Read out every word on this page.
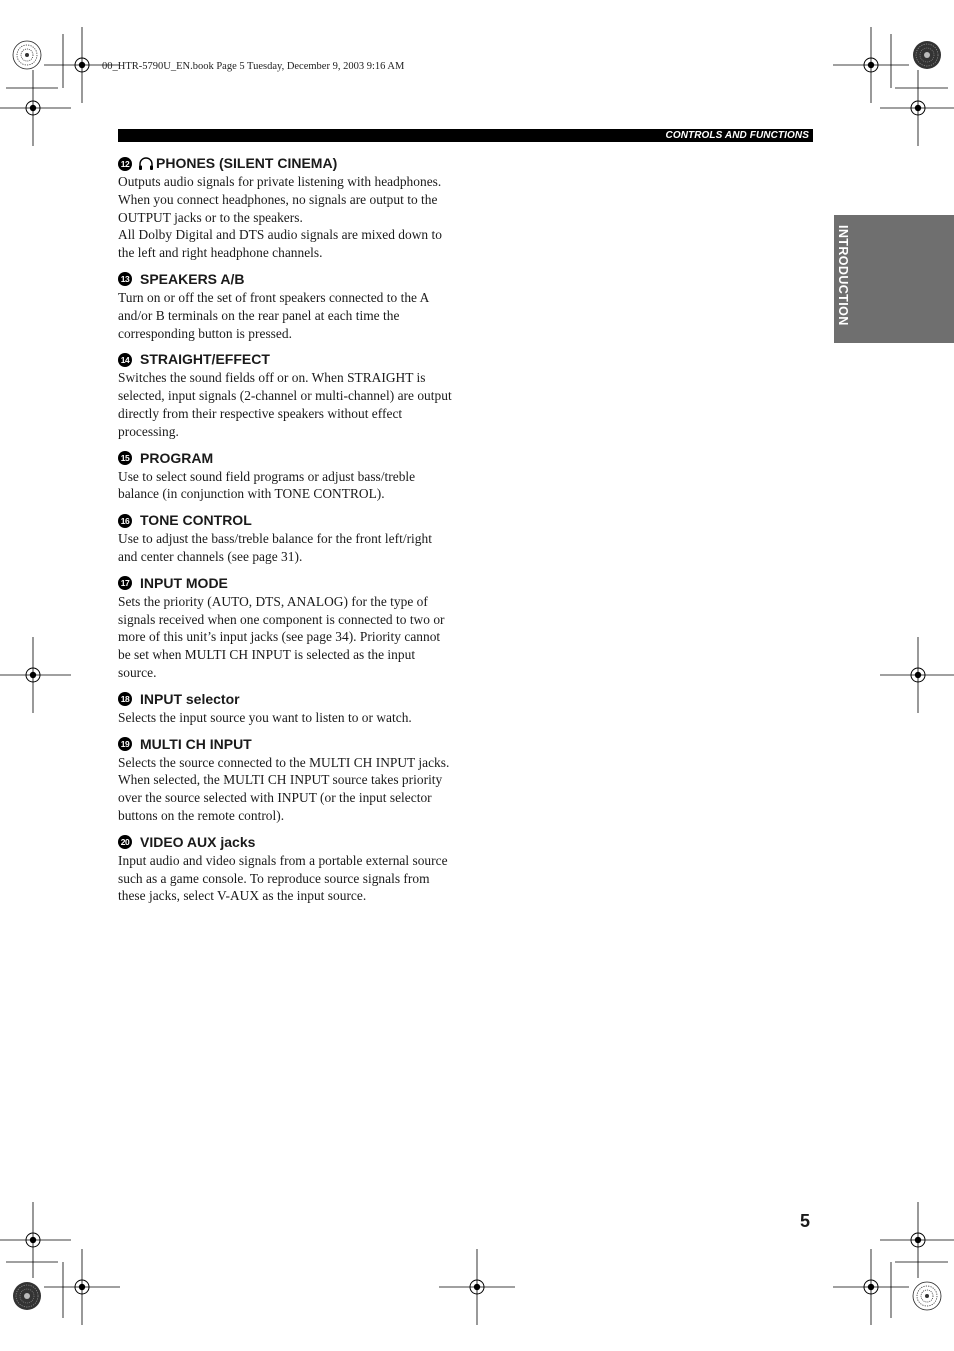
00_HTR-5790U_EN.book Page 5 Tuesday, December 9, 2003 9:16 AM
CONTROLS AND FUNCTIONS
INTRODUCTION
12 PHONES (SILENT CINEMA)

Outputs audio signals for private listening with headphones. When you connect headphones, no signals are output to the OUTPUT jacks or to the speakers.
All Dolby Digital and DTS audio signals are mixed down to the left and right headphone channels.

13 SPEAKERS A/B

Turn on or off the set of front speakers connected to the A and/or B terminals on the rear panel at each time the corresponding button is pressed.

14 STRAIGHT/EFFECT

Switches the sound fields off or on. When STRAIGHT is selected, input signals (2-channel or multi-channel) are output directly from their respective speakers without effect processing.

15 PROGRAM

Use to select sound field programs or adjust bass/treble balance (in conjunction with TONE CONTROL).

16 TONE CONTROL

Use to adjust the bass/treble balance for the front left/right and center channels (see page 31).

17 INPUT MODE

Sets the priority (AUTO, DTS, ANALOG) for the type of signals received when one component is connected to two or more of this unit’s input jacks (see page 34). Priority cannot be set when MULTI CH INPUT is selected as the input source.

18 INPUT selector

Selects the input source you want to listen to or watch.

19 MULTI CH INPUT

Selects the source connected to the MULTI CH INPUT jacks. When selected, the MULTI CH INPUT source takes priority over the source selected with INPUT (or the input selector buttons on the remote control).

20 VIDEO AUX jacks

Input audio and video signals from a portable external source such as a game console. To reproduce source signals from these jacks, select V-AUX as the input source.

5
